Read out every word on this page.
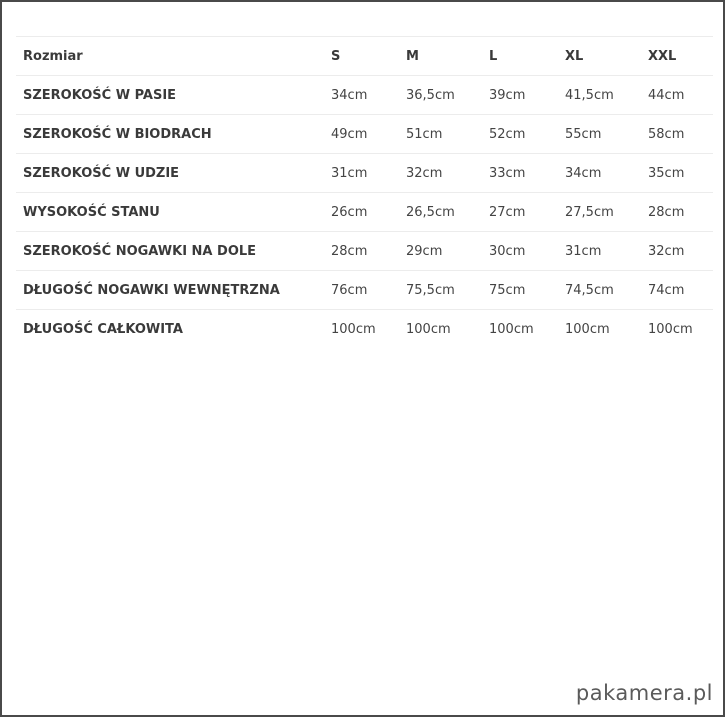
Rozmiar	S	M	L	XL	XXL
SZEROKOŚĆ W PASIE	34cm	36,5cm	39cm	41,5cm	44cm
SZEROKOŚĆ W BIODRACH	49cm	51cm	52cm	55cm	58cm
SZEROKOŚĆ W UDZIE	31cm	32cm	33cm	34cm	35cm
WYSOKOŚĆ STANU	26cm	26,5cm	27cm	27,5cm	28cm
SZEROKOŚĆ NOGAWKI NA DOLE	28cm	29cm	30cm	31cm	32cm
DŁUGOŚĆ NOGAWKI WEWNĘTRZNA	76cm	75,5cm	75cm	74,5cm	74cm
DŁUGOŚĆ CAŁKOWITA	100cm	100cm	100cm	100cm	100cm
pakamera.pl
